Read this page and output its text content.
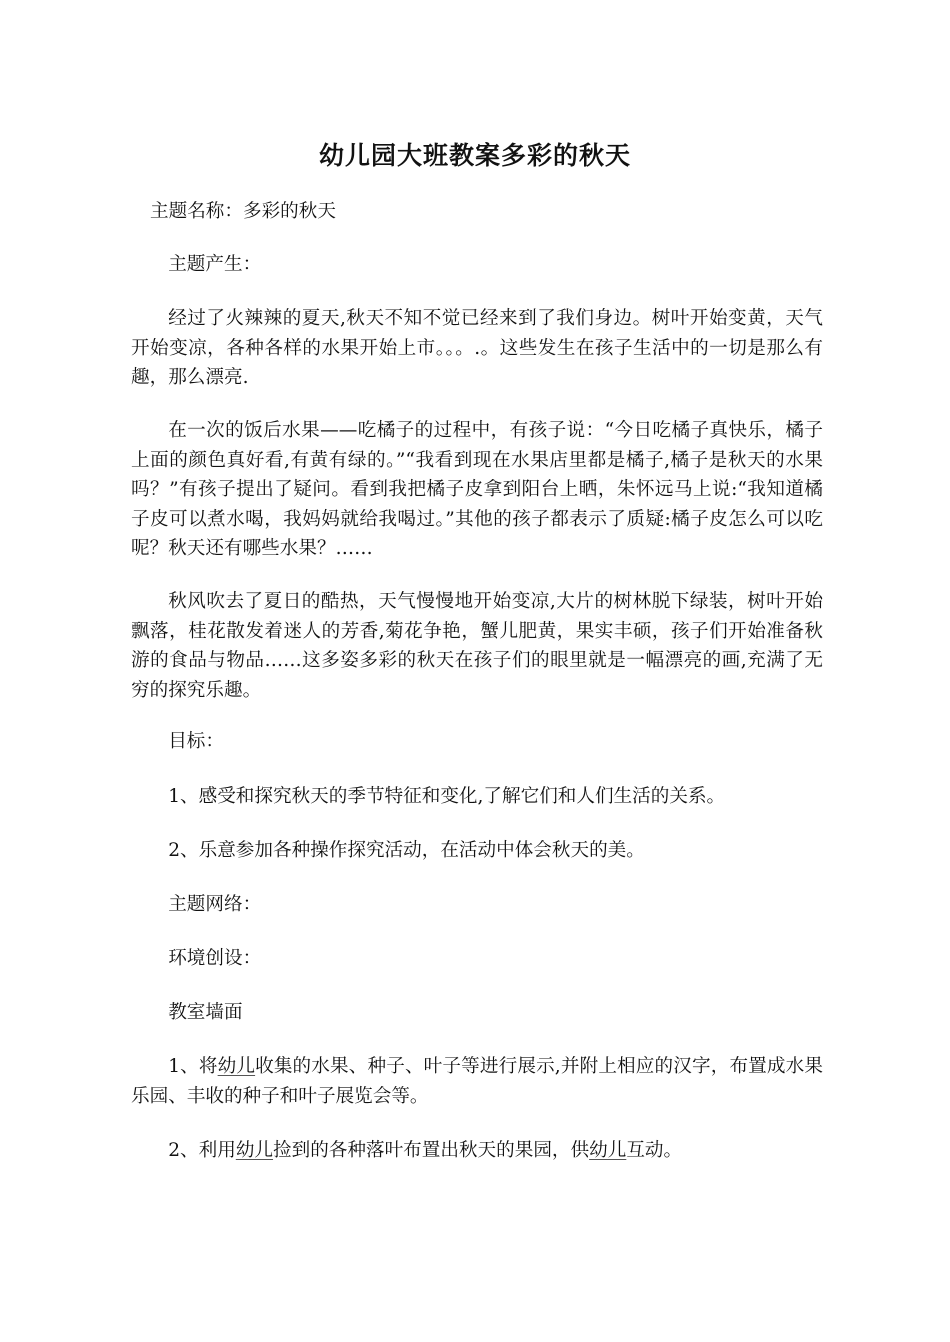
幼儿园大班教案多彩的秋天

主题名称：多彩的秋天

主题产生：

经过了火辣辣的夏天,秋天不知不觉已经来到了我们身边。树叶开始变黄，天气开始变凉，各种各样的水果开始上市。。。.。这些发生在孩子生活中的一切是那么有趣，那么漂亮.

在一次的饭后水果——吃橘子的过程中，有孩子说：“今日吃橘子真快乐，橘子上面的颜色真好看,有黄有绿的。”“我看到现在水果店里都是橘子,橘子是秋天的水果吗？”有孩子提出了疑问。看到我把橘子皮拿到阳台上晒，朱怀远马上说:“我知道橘子皮可以煮水喝，我妈妈就给我喝过。”其他的孩子都表示了质疑:橘子皮怎么可以吃呢？秋天还有哪些水果？……

秋风吹去了夏日的酷热，天气慢慢地开始变凉,大片的树林脱下绿装，树叶开始飘落，桂花散发着迷人的芳香,菊花争艳，蟹儿肥黄，果实丰硕，孩子们开始准备秋游的食品与物品……这多姿多彩的秋天在孩子们的眼里就是一幅漂亮的画,充满了无穷的探究乐趣。

目标：

1、感受和探究秋天的季节特征和变化,了解它们和人们生活的关系。

2、乐意参加各种操作探究活动，在活动中体会秋天的美。

主题网络：

环境创设：

教室墙面

1、将幼儿收集的水果、种子、叶子等进行展示,并附上相应的汉字，布置成水果乐园、丰收的种子和叶子展览会等。

2、利用幼儿捡到的各种落叶布置出秋天的果园，供幼儿互动。
